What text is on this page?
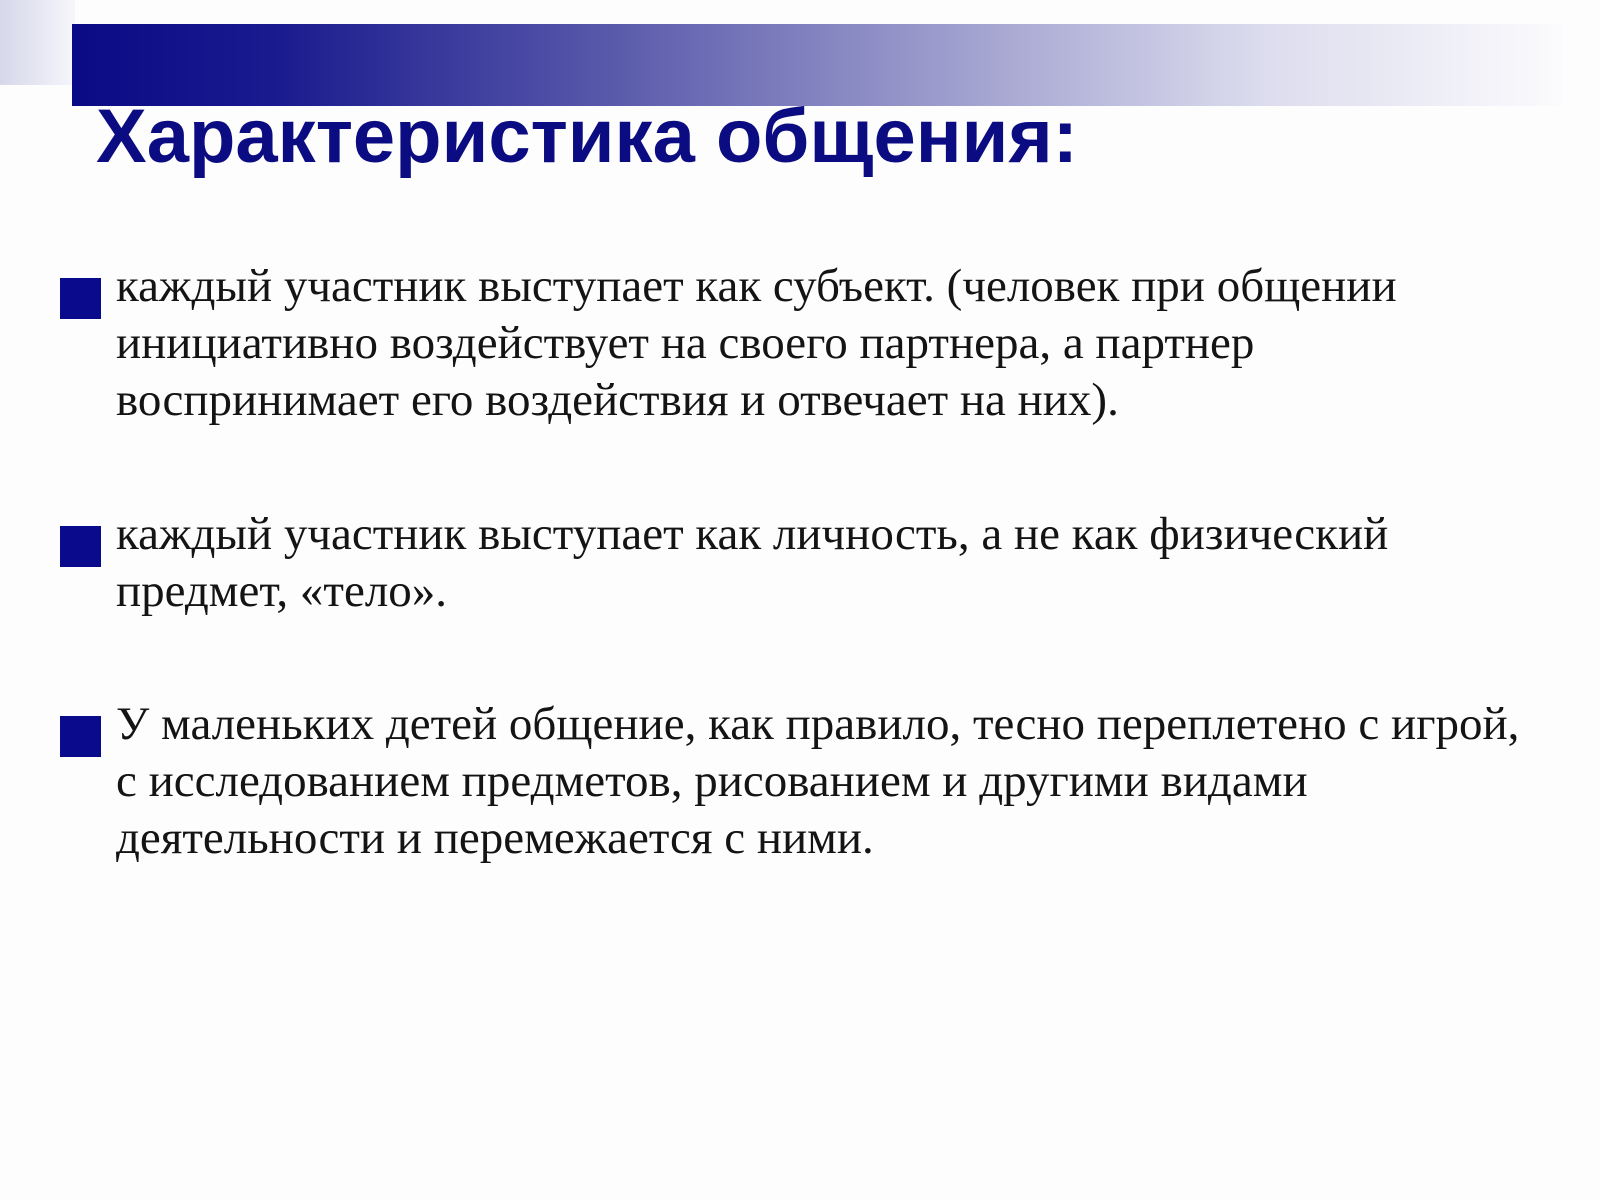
Характеристика общения:
каждый участник выступает как субъект. (человек при общении инициативно воздействует на своего партнера, а партнер воспринимает его воздействия и отвечает на них).
каждый участник выступает как личность, а не как физический предмет, «тело».
У маленьких детей общение, как правило, тесно переплетено с игрой, с исследованием предметов, рисованием и другими видами деятельности и перемежается с ними.
